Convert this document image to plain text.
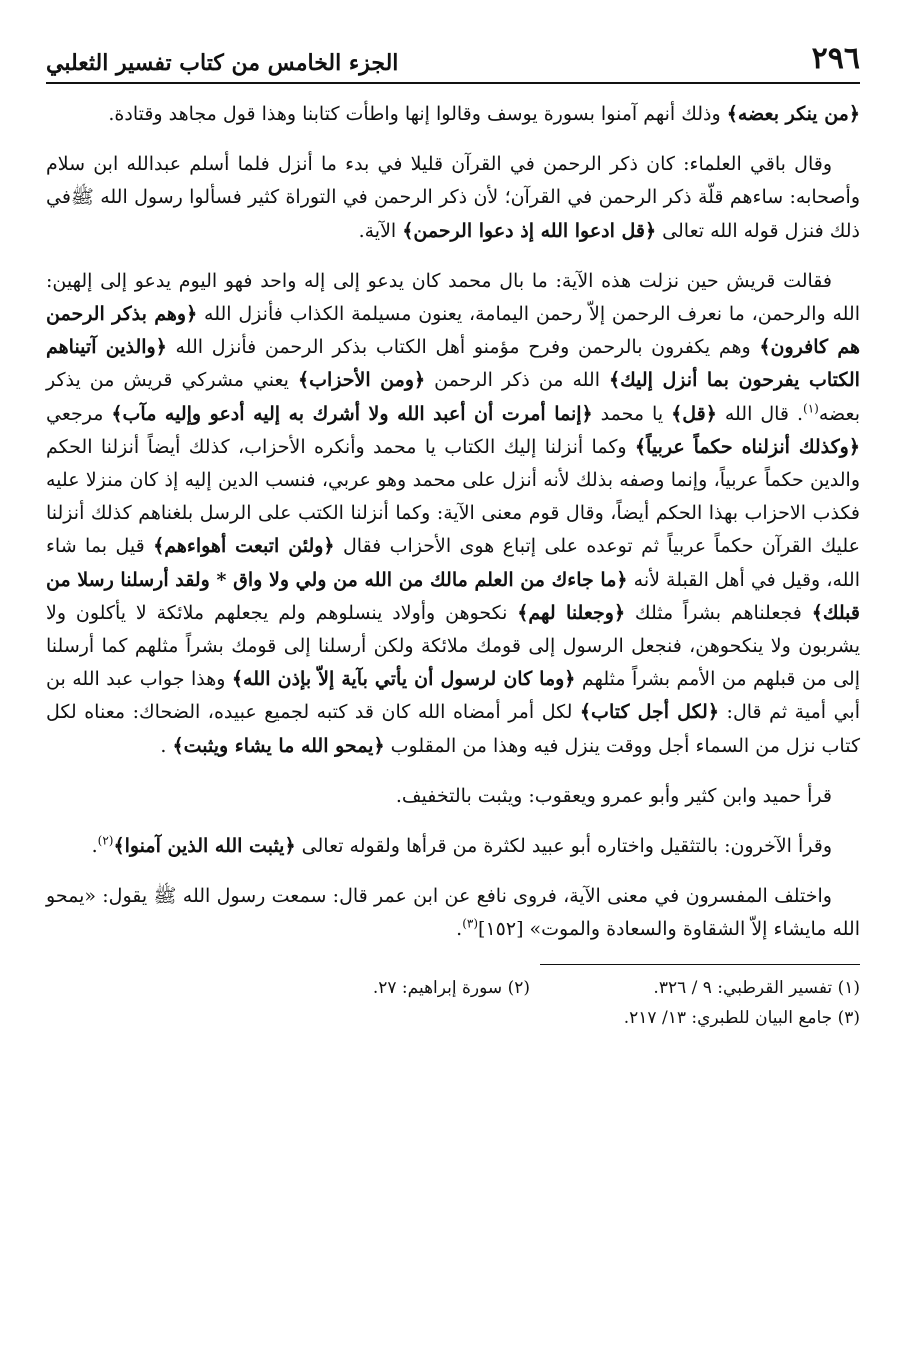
٢٩٦
الجزء الخامس من كتاب تفسير الثعلبي

﴿من ينكر بعضه﴾ وذلك أنهم آمنوا بسورة يوسف وقالوا إنها واطأت كتابنا وهذا قول مجاهد وقتادة.

وقال باقي العلماء: كان ذكر الرحمن في القرآن قليلا في بدء ما أنزل فلما أسلم عبدالله ابن سلام وأصحابه: ساءهم قلّة ذكر الرحمن في القرآن؛ لأن ذكر الرحمن في التوراة كثير فسألوا رسول الله ﷺفي ذلك فنزل قوله الله تعالى ﴿قل ادعوا الله إذ دعوا الرحمن﴾ الآية.

فقالت قريش حين نزلت هذه الآية: ما بال محمد كان يدعو إلى إله واحد فهو اليوم يدعو إلى إلهين: الله والرحمن، ما نعرف الرحمن إلاّ رحمن اليمامة، يعنون مسيلمة الكذاب فأنزل الله ﴿وهم بذكر الرحمن هم كافرون﴾ وهم يكفرون بالرحمن وفرح مؤمنو أهل الكتاب بذكر الرحمن فأنزل الله ﴿والذين آتيناهم الكتاب يفرحون بما أنزل إليك﴾ الله من ذكر الرحمن ﴿ومن الأحزاب﴾ يعني مشركي قريش من يذكر بعضه$^{(١)}$. قال الله ﴿قل﴾ يا محمد ﴿إنما أمرت أن أعبد الله ولا أشرك به إليه أدعو وإليه مآب﴾ مرجعي ﴿وكذلك أنزلناه حكماً عربياً﴾ وكما أنزلنا إليك الكتاب يا محمد وأنكره الأحزاب، كذلك أيضاً أنزلنا الحكم والدين حكماً عربياً، وإنما وصفه بذلك لأنه أنزل على محمد وهو عربي، فنسب الدين إليه إذ كان منزلا عليه فكذب الاحزاب بهذا الحكم أيضاً، وقال قوم معنى الآية: وكما أنزلنا الكتب على الرسل بلغناهم كذلك أنزلنا عليك القرآن حكماً عربياً ثم توعده على إتباع هوى الأحزاب فقال ﴿ولئن اتبعت أهواءهم﴾ قيل بما شاء الله، وقيل في أهل القبلة لأنه ﴿ما جاءك من العلم مالك من الله من ولي ولا واق * ولقد أرسلنا رسلا من قبلك﴾ فجعلناهم بشراً مثلك ﴿وجعلنا لهم﴾ نكحوهن وأولاد ينسلوهم ولم يجعلهم ملائكة لا يأكلون ولا يشربون ولا ينكحوهن، فنجعل الرسول إلى قومك ملائكة ولكن أرسلنا إلى قومك بشراً مثلهم كما أرسلنا إلى من قبلهم من الأمم بشراً مثلهم ﴿وما كان لرسول أن يأتي بآية إلاّ بإذن الله﴾ وهذا جواب عبد الله بن أبي أمية ثم قال: ﴿لكل أجل كتاب﴾ لكل أمر أمضاه الله كان قد كتبه لجميع عبيده، الضحاك: معناه لكل كتاب نزل من السماء أجل ووقت ينزل فيه وهذا من المقلوب ﴿يمحو الله ما يشاء ويثبت﴾ .

قرأ حميد وابن كثير وأبو عمرو ويعقوب: ويثبت بالتخفيف.

وقرأ الآخرون: بالتثقيل واختاره أبو عبيد لكثرة من قرأها ولقوله تعالى ﴿يثبت الله الذين آمنوا﴾$^{(٢)}$.

واختلف المفسرون في معنى الآية، فروى نافع عن ابن عمر قال: سمعت رسول الله ﷺ يقول: «يمحو الله مايشاء إلاّ الشقاوة والسعادة والموت» [١٥٢]$^{(٣)}$.

(١) تفسير القرطبي: ٩ / ٣٢٦.
(٢) سورة إبراهيم: ٢٧.
(٣) جامع البيان للطبري: ١٣/ ٢١٧.
